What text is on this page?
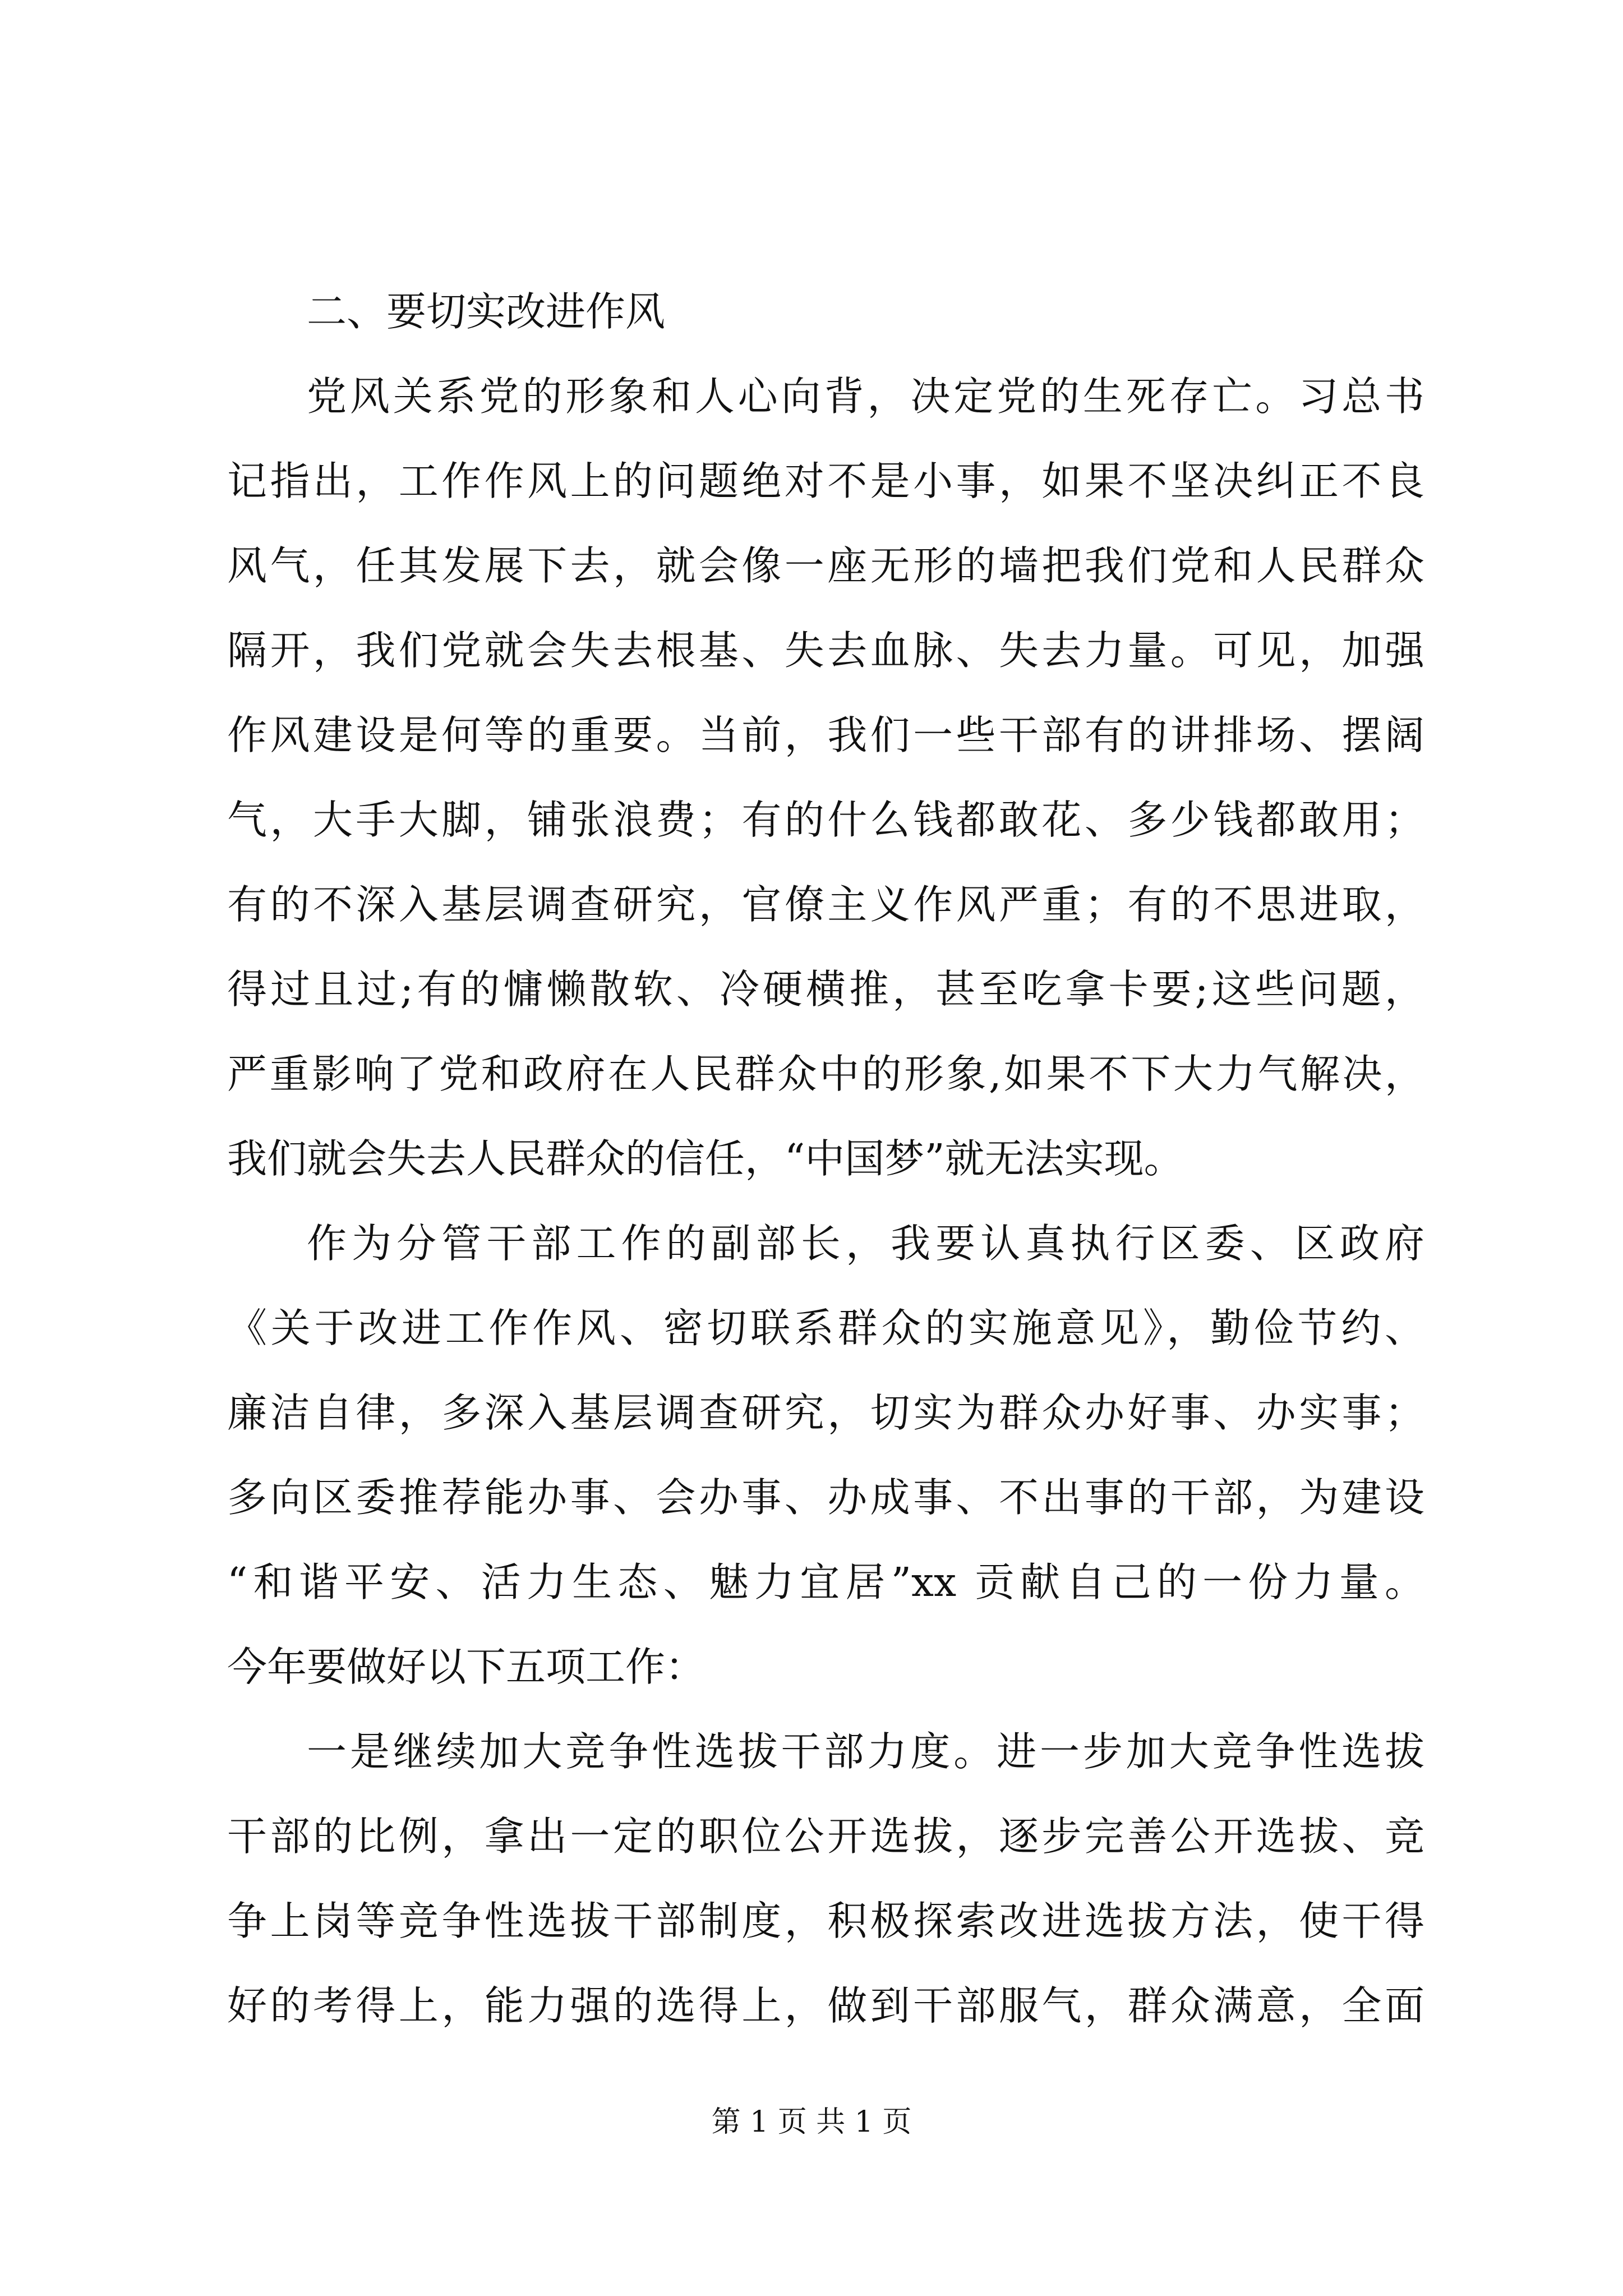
二、要切实改进作风
党风关系党的形象和人心向背，决定党的生死存亡。习总书
记指出，工作作风上的问题绝对不是小事，如果不坚决纠正不良
风气，任其发展下去，就会像一座无形的墙把我们党和人民群众
隔开，我们党就会失去根基、失去血脉、失去力量。可见，加强
作风建设是何等的重要。当前，我们一些干部有的讲排场、摆阔
气，大手大脚，铺张浪费；有的什么钱都敢花、多少钱都敢用；
有的不深入基层调查研究，官僚主义作风严重；有的不思进取，
得过且过;有的慵懒散软、冷硬横推，甚至吃拿卡要;这些问题，
严重影响了党和政府在人民群众中的形象,如果不下大力气解决，
我们就会失去人民群众的信任，“中国梦”就无法实现。
作为分管干部工作的副部长，我要认真执行区委、区政府
《关于改进工作作风、密切联系群众的实施意见》，勤俭节约、
廉洁自律，多深入基层调查研究，切实为群众办好事、办实事；
多向区委推荐能办事、会办事、办成事、不出事的干部，为建设
“和谐平安、活力生态、魅力宜居”xx 贡献自己的一份力量。
今年要做好以下五项工作：
一是继续加大竞争性选拔干部力度。进一步加大竞争性选拔
干部的比例，拿出一定的职位公开选拔，逐步完善公开选拔、竞
争上岗等竞争性选拔干部制度，积极探索改进选拔方法，使干得
好的考得上，能力强的选得上，做到干部服气，群众满意，全面
第 1 页 共 1 页
